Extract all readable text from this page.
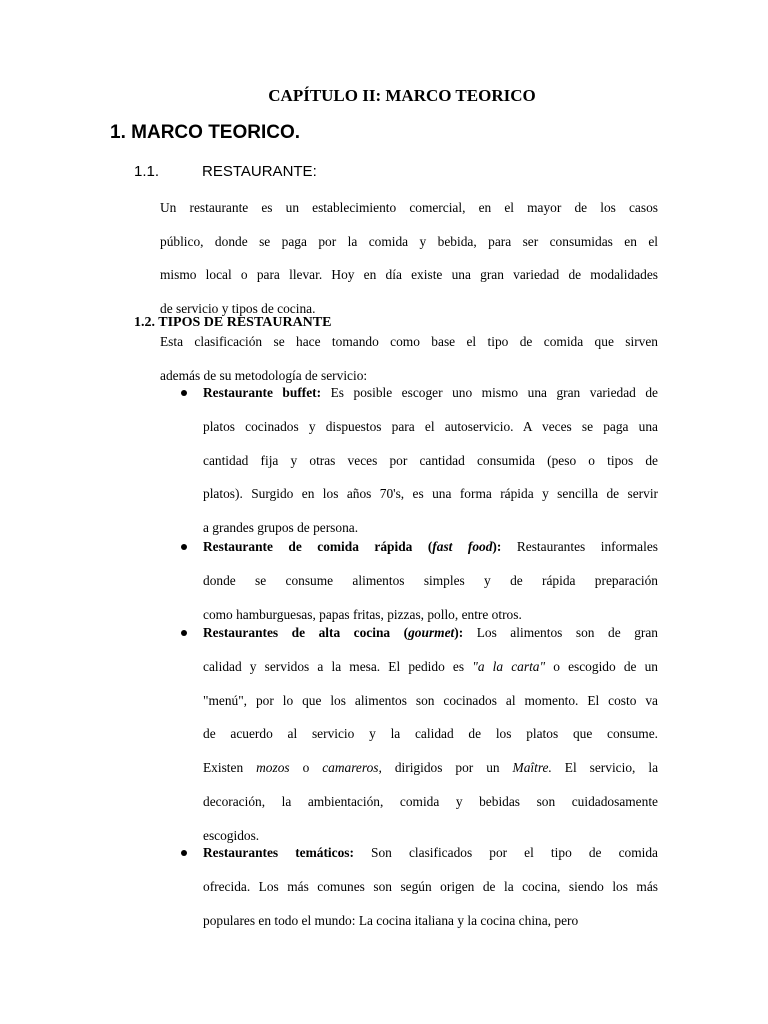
CAPÍTULO II: MARCO TEORICO
1. MARCO TEORICO.
1.1.	RESTAURANTE:
Un restaurante es un establecimiento comercial, en el mayor de los casos
público, donde se paga por la comida y bebida, para ser consumidas en el
mismo local o para llevar. Hoy en día existe una gran variedad de modalidades
de servicio y tipos de cocina.
1.2. TIPOS DE RESTAURANTE
Esta clasificación se hace tomando como base el tipo de comida que sirven
además de su metodología de servicio:
Restaurante buffet: Es posible escoger uno mismo una gran variedad de
platos cocinados y dispuestos para el autoservicio. A veces se paga una
cantidad fija y otras veces por cantidad consumida (peso o tipos de
platos). Surgido en los años 70's, es una forma rápida y sencilla de servir
a grandes grupos de persona.
Restaurante de comida rápida (fast food): Restaurantes informales
donde se consume alimentos simples y de rápida preparación
como hamburguesas, papas fritas, pizzas, pollo, entre otros.
Restaurantes de alta cocina (gourmet): Los alimentos son de gran
calidad y servidos a la mesa. El pedido es "a la carta" o escogido de un
"menú", por lo que los alimentos son cocinados al momento. El costo va
de acuerdo al servicio y la calidad de los platos que consume.
Existen mozos o camareros, dirigidos por un Maître. El servicio, la
decoración, la ambientación, comida y bebidas son cuidadosamente
escogidos.
Restaurantes temáticos: Son clasificados por el tipo de comida
ofrecida. Los más comunes son según origen de la cocina, siendo los más
populares en todo el mundo: La cocina italiana y la cocina china, pero
